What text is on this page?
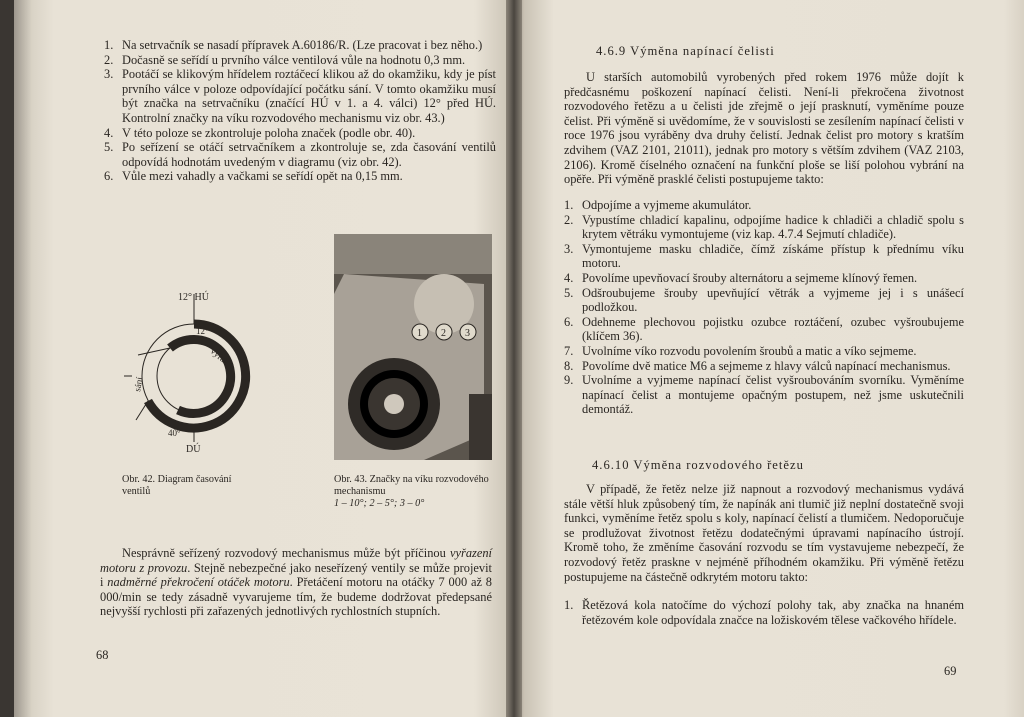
1. Na setrvačník se nasadí přípravek A.60186/R. (Lze pracovat i bez něho.)
2. Dočasně se seřídí u prvního válce ventilová vůle na hodnotu 0,3 mm.
3. Pootáčí se klikovým hřídelem roztáčecí klikou až do okamžiku, kdy je píst prvního válce v poloze odpovídající počátku sání. V tomto okamžiku musí být značka na setrvačníku (značící HÚ v 1. a 4. válci) 12° před HÚ. Kontrolní značky na víku rozvodového mechanismu viz obr. 43.)
4. V této poloze se zkontroluje poloha značek (podle obr. 40).
5. Po seřízení se otáčí setrvačníkem a zkontroluje se, zda časování ventilů odpovídá hodnotám uvedeným v diagramu (viz obr. 42).
6. Vůle mezi vahadly a vačkami se seřídí opět na 0,15 mm.
12° HÚ
12°
výfuk
sání
42°
40°
DÚ
1 2 3
Obr. 42. Diagram časování ventilů
Obr. 43. Značky na víku rozvodového mechanismu
1 – 10°; 2 – 5°; 3 – 0°

Nesprávně seřízený rozvodový mechanismus může být příčinou vyřazení motoru z provozu. Stejně nebezpečné jako neseřízený ventily se může projevit i nadměrné překročení otáček motoru. Přetáčení motoru na otáčky 7 000 až 8 000/min se tedy zásadně vyvarujeme tím, že budeme dodržovat předepsané nejvyšší rychlosti při zařazených jednotlivých rychlostních stupních.

68
4.6.9 Výměna napínací čelisti

U starších automobilů vyrobených před rokem 1976 může dojít k předčasnému poškození napínací čelisti. Není-li překročena životnost rozvodového řetězu a u čelisti jde zřejmě o její prasknutí, vyměníme pouze čelist. Při výměně si uvědomíme, že v souvislosti se zesílením napínací čelisti v roce 1976 jsou vyráběny dva druhy čelistí. Jednak čelist pro motory s kratším zdvihem (VAZ 2101, 21011), jednak pro motory s větším zdvihem (VAZ 2103, 2106). Kromě číselného označení na funkční ploše se liší polohou vybrání na opěře. Při výměně prasklé čelisti postupujeme takto:

1. Odpojíme a vyjmeme akumulátor.
2. Vypustíme chladicí kapalinu, odpojíme hadice k chladiči a chladič spolu s krytem větráku vymontujeme (viz kap. 4.7.4 Sejmutí chladiče).
3. Vymontujeme masku chladiče, čímž získáme přístup k přednímu víku motoru.
4. Povolíme upevňovací šrouby alternátoru a sejmeme klínový řemen.
5. Odšroubujeme šrouby upevňující větrák a vyjmeme jej i s unášecí podložkou.
6. Odehneme plechovou pojistku ozubce roztáčení, ozubec vyšroubujeme (klíčem 36).
7. Uvolníme víko rozvodu povolením šroubů a matic a víko sejmeme.
8. Povolíme dvě matice M6 a sejmeme z hlavy válců napínací mechanismus.
9. Uvolníme a vyjmeme napínací čelist vyšroubováním svorníku. Vyměníme napínací čelist a montujeme opačným postupem, než jsme uskutečnili demontáž.
4.6.10 Výměna rozvodového řetězu

V případě, že řetěz nelze již napnout a rozvodový mechanismus vydává stále větší hluk způsobený tím, že napínák ani tlumič již neplní dostatečně svoji funkci, vyměníme řetěz spolu s koly, napínací čelistí a tlumičem. Nedoporučuje se prodlužovat životnost řetězu dodatečnými úpravami napínacího ústrojí. Kromě toho, že změníme časování rozvodu se tím vystavujeme nebezpečí, že rozvodový řetěz praskne v nejméně příhodném okamžiku. Při výměně řetězu postupujeme na částečně odkrytém motoru takto:

1. Řetězová kola natočíme do výchozí polohy tak, aby značka na hnaném řetězovém kole odpovídala značce na ložiskovém tělese vačkového hřídele.
69
